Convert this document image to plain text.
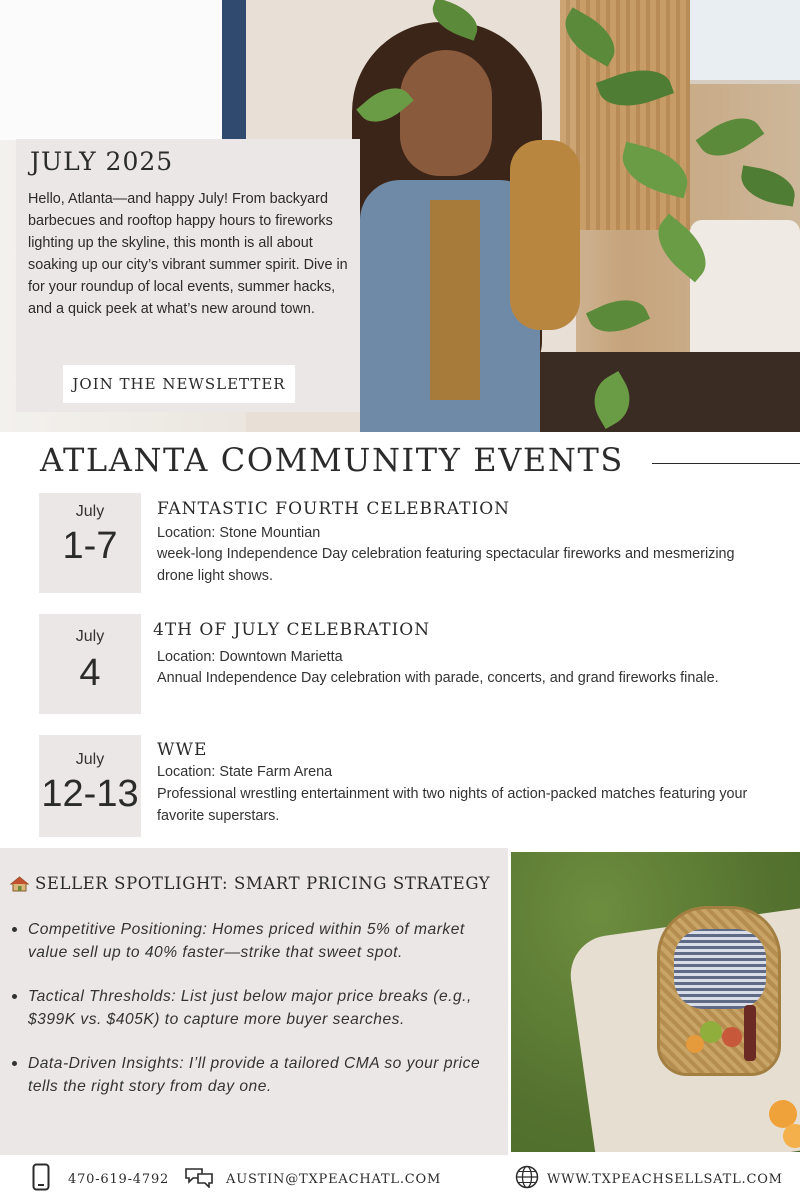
JULY 2025
Hello, Atlanta—and happy July! From backyard barbecues and rooftop happy hours to fireworks lighting up the skyline, this month is all about soaking up our city’s vibrant summer spirit. Dive in for your roundup of local events, summer hacks, and a quick peek at what’s new around town.
JOIN THE NEWSLETTER
ATLANTA COMMUNITY EVENTS
July
1-7
FANTASTIC FOURTH CELEBRATION
Location: Stone Mountian
week-long Independence Day celebration featuring spectacular fireworks and mesmerizing drone light shows.
July
4
4TH OF JULY CELEBRATION
Location: Downtown Marietta
Annual Independence Day celebration with parade, concerts, and grand fireworks finale.
July
12-13
WWE
Location: State Farm Arena
Professional wrestling entertainment with two nights of action-packed matches featuring your favorite superstars.
SELLER SPOTLIGHT: SMART PRICING STRATEGY
Competitive Positioning: Homes priced within 5% of market value sell up to 40% faster—strike that sweet spot.
Tactical Thresholds: List just below major price breaks (e.g., $399K vs. $405K) to capture more buyer searches.
Data-Driven Insights: I’ll provide a tailored CMA so your price tells the right story from day one.
470-619-4792	AUSTIN@TXPEACHATL.COM	WWW.TXPEACHSELLSATL.COM
